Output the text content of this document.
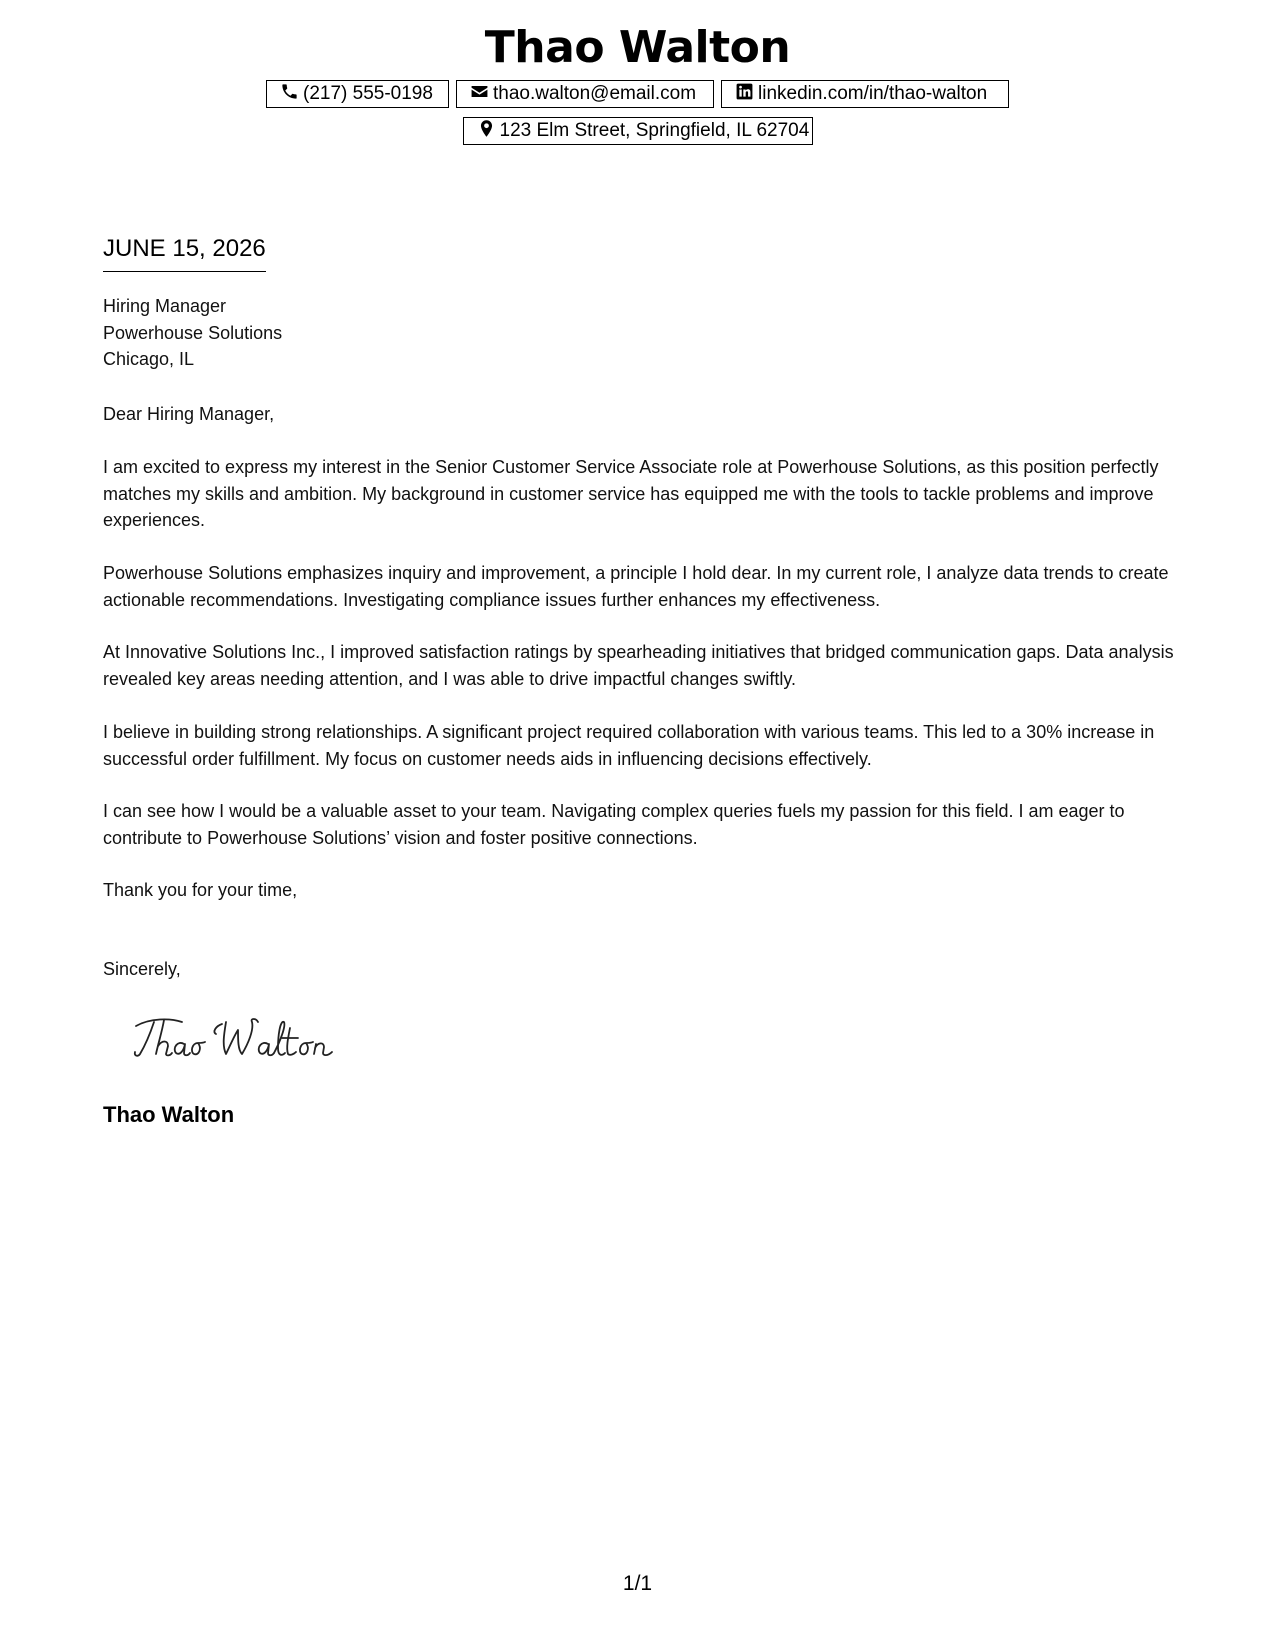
Thao Walton
(217) 555-0198	thao.walton@email.com	linkedin.com/in/thao-walton
123 Elm Street, Springfield, IL 62704
JUNE 15, 2026
Hiring Manager
Powerhouse Solutions
Chicago, IL
Dear Hiring Manager,
I am excited to express my interest in the Senior Customer Service Associate role at Powerhouse Solutions, as this position perfectly matches my skills and ambition. My background in customer service has equipped me with the tools to tackle problems and improve experiences.
Powerhouse Solutions emphasizes inquiry and improvement, a principle I hold dear. In my current role, I analyze data trends to create actionable recommendations. Investigating compliance issues further enhances my effectiveness.
At Innovative Solutions Inc., I improved satisfaction ratings by spearheading initiatives that bridged communication gaps. Data analysis revealed key areas needing attention, and I was able to drive impactful changes swiftly.
I believe in building strong relationships. A significant project required collaboration with various teams. This led to a 30% increase in successful order fulfillment. My focus on customer needs aids in influencing decisions effectively.
I can see how I would be a valuable asset to your team. Navigating complex queries fuels my passion for this field. I am eager to contribute to Powerhouse Solutions’ vision and foster positive connections.
Thank you for your time,
Sincerely,
Thao Walton
1/1
